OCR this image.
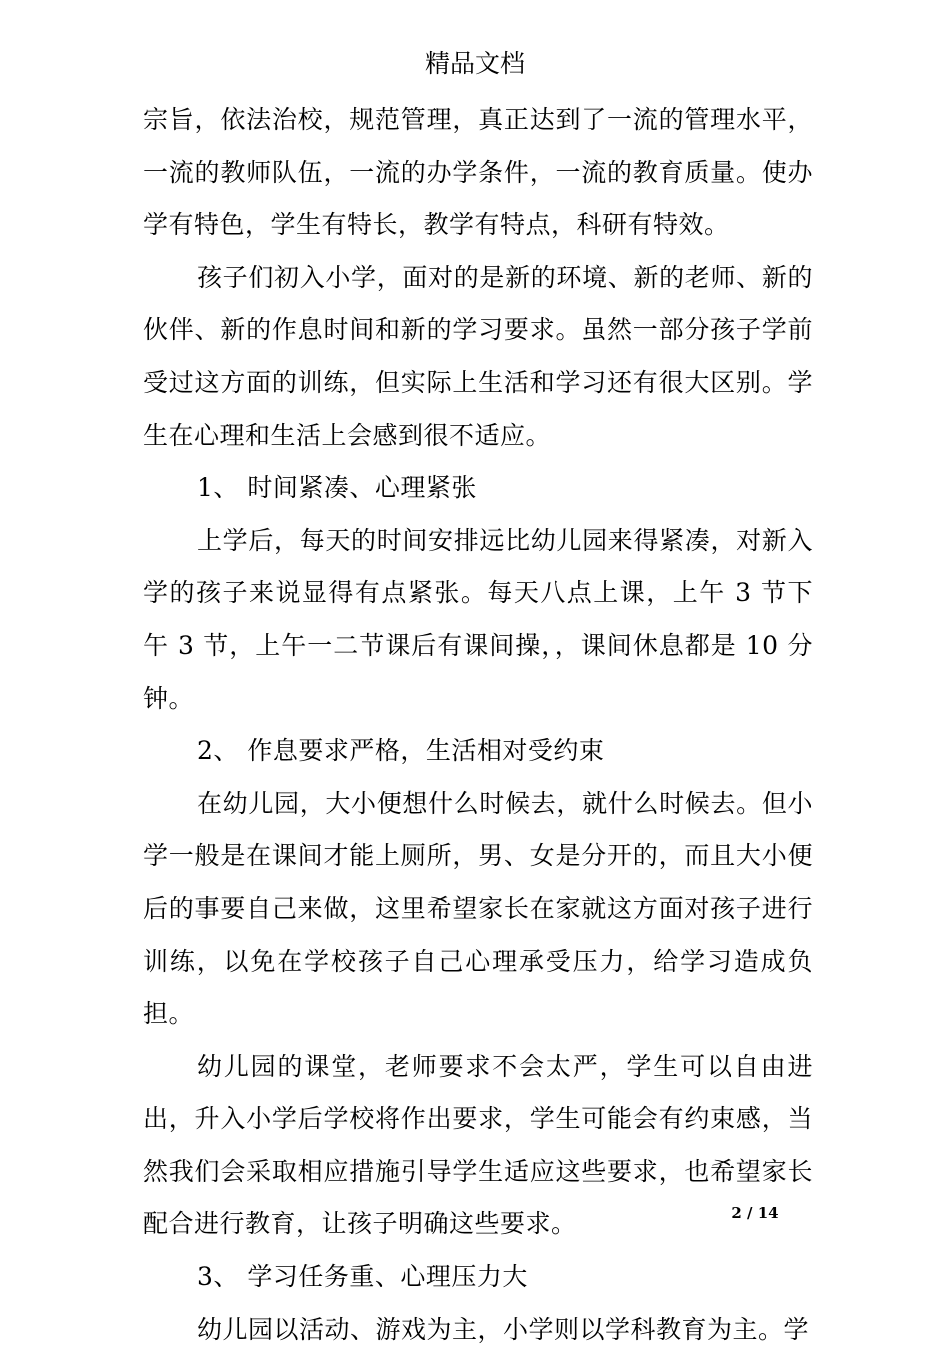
精品文档

宗旨，依法治校，规范管理，真正达到了一流的管理水平，一流的教师队伍，一流的办学条件，一流的教育质量。使办学有特色，学生有特长，教学有特点，科研有特效。

孩子们初入小学，面对的是新的环境、新的老师、新的伙伴、新的作息时间和新的学习要求。虽然一部分孩子学前受过这方面的训练，但实际上生活和学习还有很大区别。学生在心理和生活上会感到很不适应。

1、 时间紧凑、心理紧张

上学后，每天的时间安排远比幼儿园来得紧凑，对新入学的孩子来说显得有点紧张。每天八点上课，上午 3 节下午 3 节，上午一二节课后有课间操，，课间休息都是 10 分钟。

2、 作息要求严格，生活相对受约束

在幼儿园，大小便想什么时候去，就什么时候去。但小学一般是在课间才能上厕所，男、女是分开的，而且大小便后的事要自己来做，这里希望家长在家就这方面对孩子进行训练，以免在学校孩子自己心理承受压力，给学习造成负担。

幼儿园的课堂，老师要求不会太严，学生可以自由进出，升入小学后学校将作出要求，学生可能会有约束感，当然我们会采取相应措施引导学生适应这些要求，也希望家长配合进行教育，让孩子明确这些要求。

3、 学习任务重、心理压力大

幼儿园以活动、游戏为主，小学则以学科教育为主。学

2 / 14
